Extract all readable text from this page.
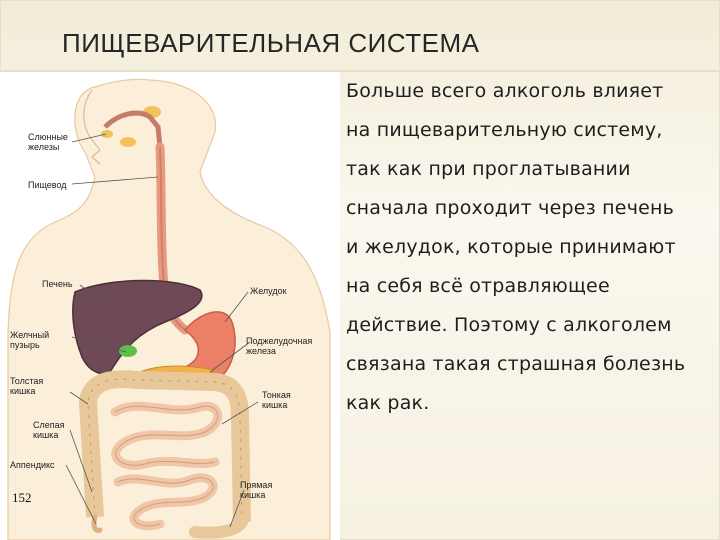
ПИЩЕВАРИТЕЛЬНАЯ СИСТЕМА
Слюнные
железы
Пищевод
Печень
Желчный
пузырь
Толстая
кишка
Слепая
кишка
Аппендикс
Желудок
Поджелудочная
железа
Тонкая
кишка
Прямая
кишка
152
Больше всего алкоголь влияет
на пищеварительную систему,
так как при проглатывании
сначала проходит через печень
и желудок, которые принимают
на себя всё отравляющее
действие. Поэтому с алкоголем
связана такая страшная болезнь
как рак.
